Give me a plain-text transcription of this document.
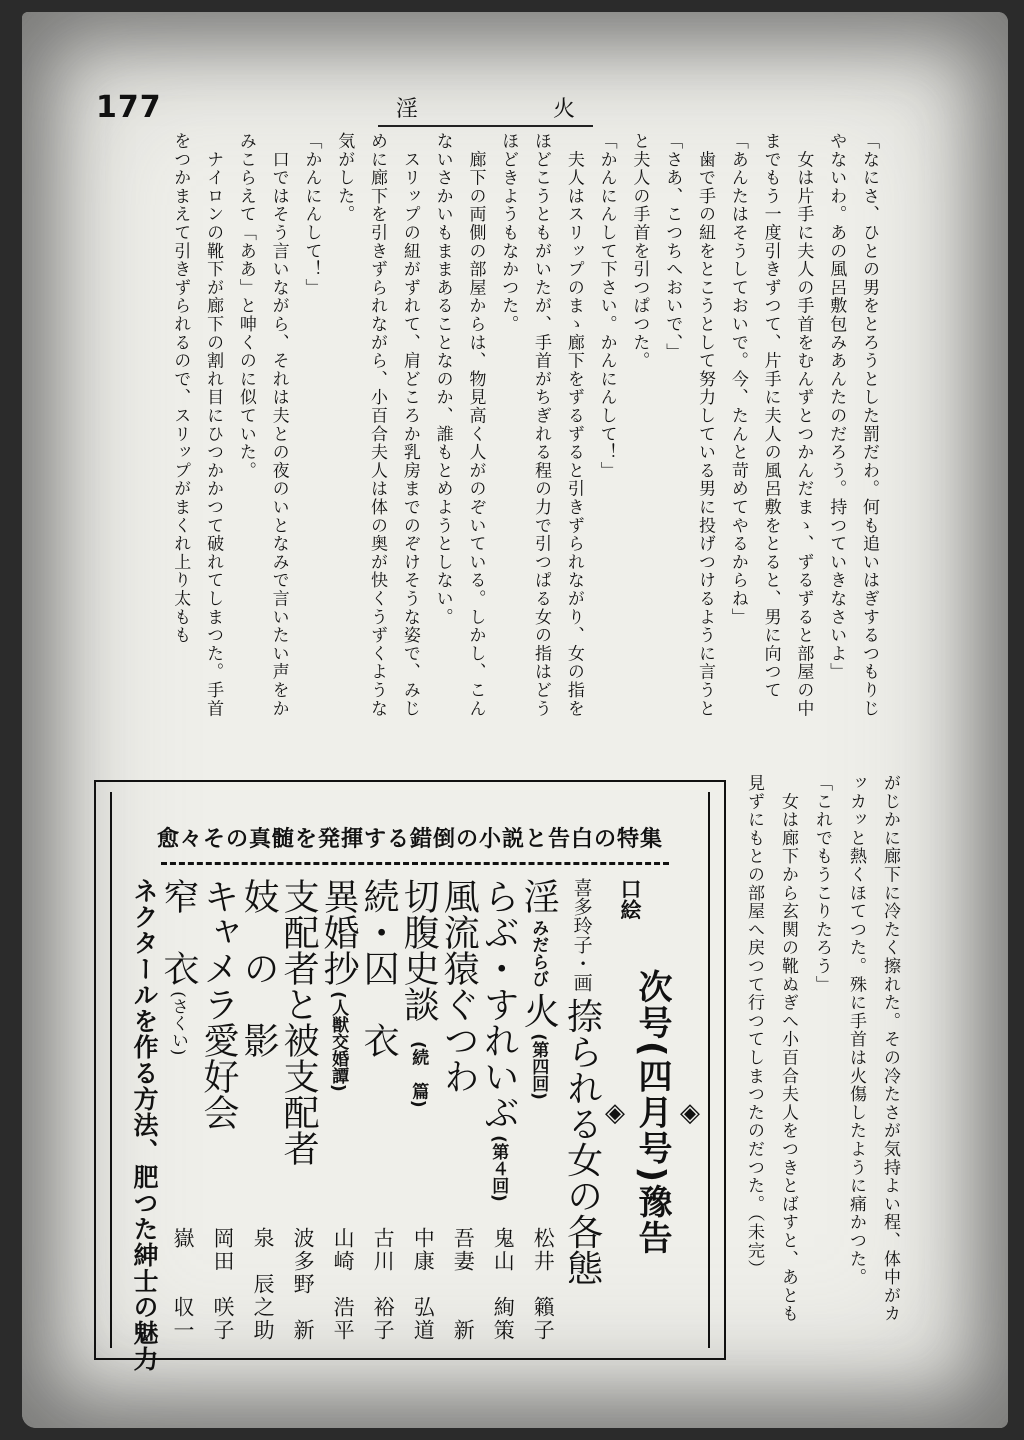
177	淫	火
「なにさ、ひとの男をとろうとした罰だわ。何も追いはぎするつもりじやないわ。あの風呂敷包みあんたのだろう。持つていきなさいよ」
　女は片手に夫人の手首をむんずとつかんだまゝ、ずるずると部屋の中までもう一度引きずつて、片手に夫人の風呂敷をとると、男に向つて
「あんたはそうしておいで。今、たんと苛めてやるからね」
　歯で手の紐をとこうとして努力している男に投げつけるように言うと
「さあ、こつちへおいで、」
と夫人の手首を引つぱつた。
「かんにんして下さい。かんにんして！」
　夫人はスリップのまゝ廊下をずるずると引きずられながり、女の指をほどこうともがいたが、手首がちぎれる程の力で引つぱる女の指はどうほどきようもなかつた。
　廊下の両側の部屋からは、物見高く人がのぞいている。しかし、こんないさかいもままあることなのか、誰もとめようとしない。
　スリップの紐がずれて、肩どころか乳房までのぞけそうな姿で、みじめに廊下を引きずられながら、小百合夫人は体の奥が快くうずくような気がした。
「かんにんして！」
　口ではそう言いながら、それは夫との夜のいとなみで言いたい声をかみこらえて「ああ」と呻くのに似ていた。
　ナイロンの靴下が廊下の割れ目にひつかかつて破れてしまつた。手首をつかまえて引きずられるので、スリップがまくれ上り太もも
がじかに廊下に冷たく擦れた。その冷たさが気持よい程、体中がカッカッと熱くほてつた。殊に手首は火傷したように痛かつた。
「これでもうこりたろう」
　女は廊下から玄関の靴ぬぎへ小百合夫人をつきとばすと、あとも見ずにもとの部屋へ戻つて行つてしまつたのだつた。（未完）
愈々その真髄を発揮する錯倒の小説と告白の特集
◈
次号(四月号)豫告
◈
口絵
喜多玲子・画 捺られる女の各態
淫 みだらび 火 (第四回)
松井　籟子
らぶ・すれいぶ (第４回)
鬼山　絢策
風流猿ぐつわ
吾妻　　新
切腹史談 (続　篇)
中康　弘道
続・囚　衣
古川　裕子
異婚抄 (人獣交婚譚)
山崎　浩平
支配者と被支配者
波多野　新
妓　の　影
泉　辰之助
キャメラ愛好会
岡田　咲子
窄　衣 (さくい)
嶽　　収一
ネクタールを作る方法、肥つた紳士の魅力
